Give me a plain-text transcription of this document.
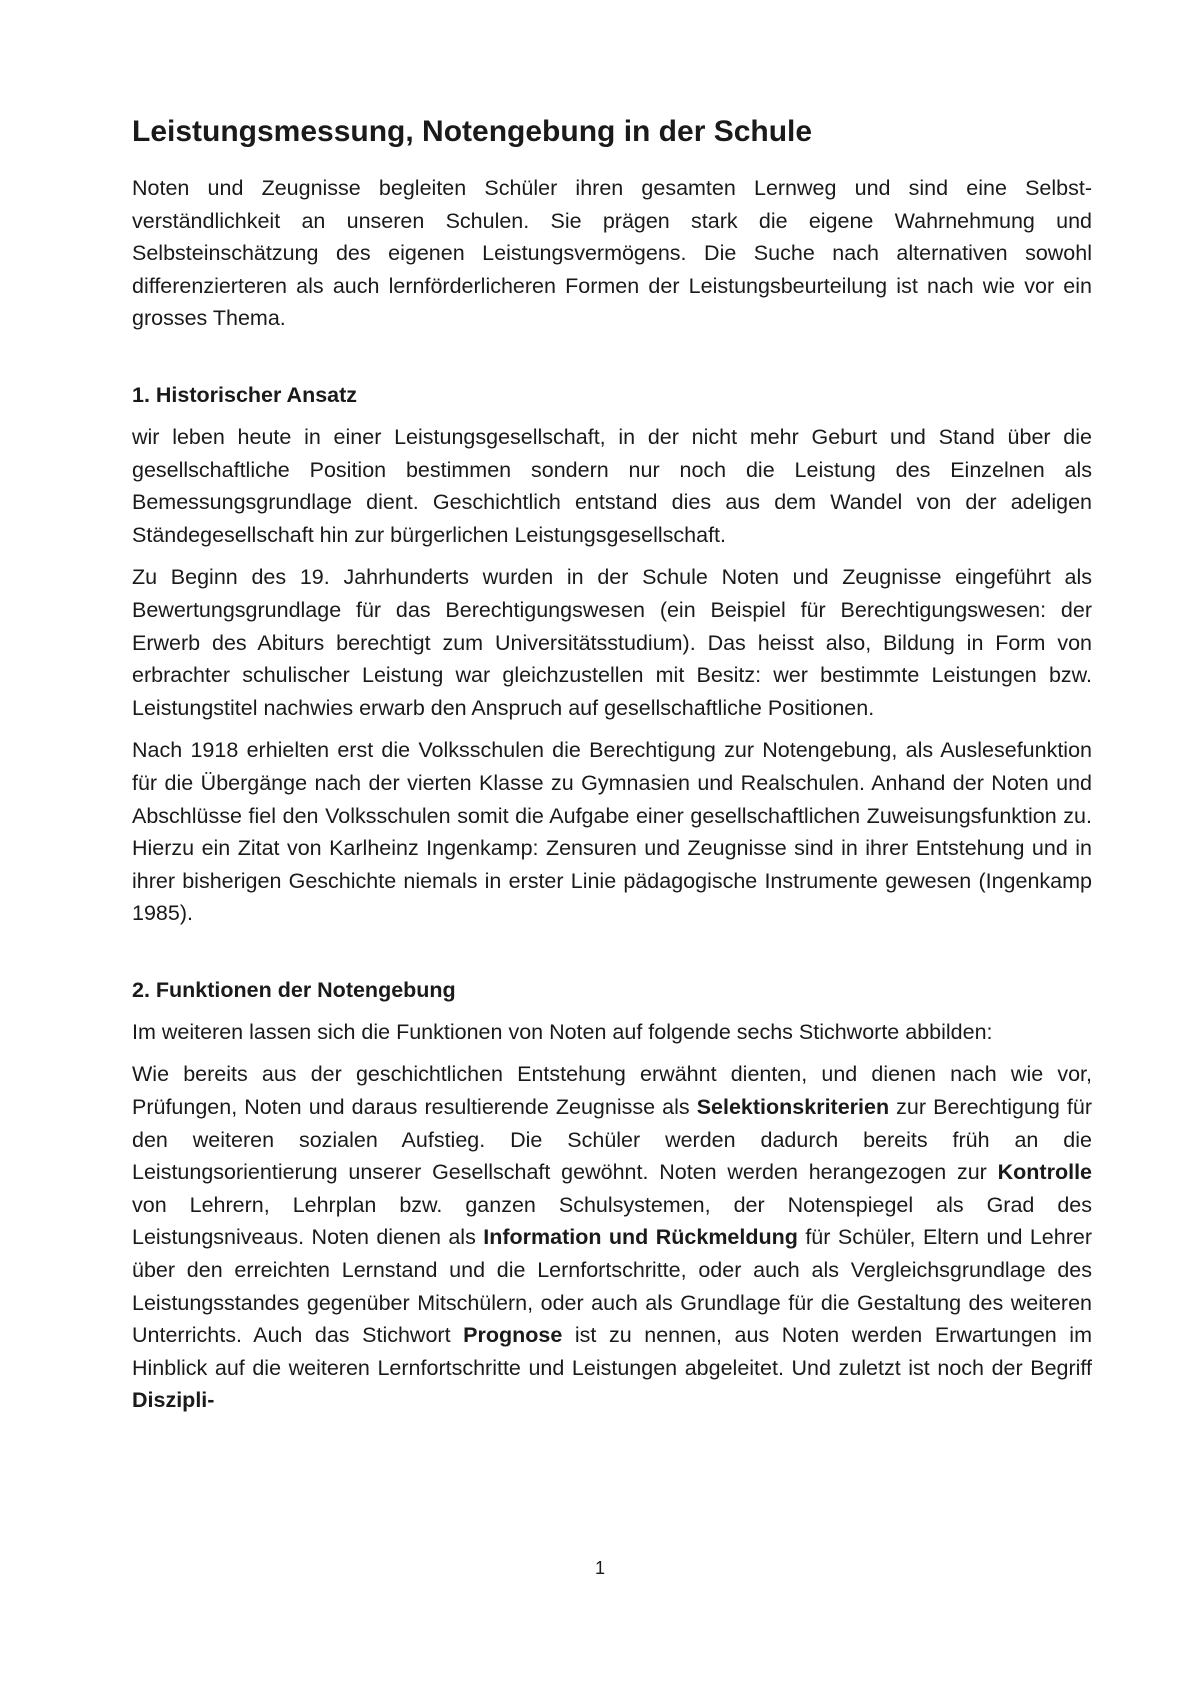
Leistungsmessung, Notengebung in der Schule

Noten und Zeugnisse begleiten Schüler ihren gesamten Lernweg und sind eine Selbstverständlichkeit an unseren Schulen. Sie prägen stark die eigene Wahrnehmung und Selbsteinschätzung des eigenen Leistungsvermögens. Die Suche nach alternativen sowohl differenzierteren als auch lernförderlicheren Formen der Leistungsbeurteilung ist nach wie vor ein grosses Thema.

1. Historischer Ansatz

wir leben heute in einer Leistungsgesellschaft, in der nicht mehr Geburt und Stand über die gesellschaftliche Position bestimmen sondern nur noch die Leistung des Einzelnen als Bemessungsgrundlage dient. Geschichtlich entstand dies aus dem Wandel von der adeligen Ständegesellschaft hin zur bürgerlichen Leistungsgesellschaft.

Zu Beginn des 19. Jahrhunderts wurden in der Schule Noten und Zeugnisse eingeführt als Bewertungsgrundlage für das Berechtigungswesen (ein Beispiel für Berechtigungswesen: der Erwerb des Abiturs berechtigt zum Universitätsstudium). Das heisst also, Bildung in Form von erbrachter schulischer Leistung war gleichzustellen mit Besitz: wer bestimmte Leistungen bzw. Leistungstitel nachwies erwarb den Anspruch auf gesellschaftliche Positionen.

Nach 1918 erhielten erst die Volksschulen die Berechtigung zur Notengebung, als Auslesefunktion für die Übergänge nach der vierten Klasse zu Gymnasien und Realschulen. Anhand der Noten und Abschlüsse fiel den Volksschulen somit die Aufgabe einer gesellschaftlichen Zuweisungsfunktion zu. Hierzu ein Zitat von Karlheinz Ingenkamp: Zensuren und Zeugnisse sind in ihrer Entstehung und in ihrer bisherigen Geschichte niemals in erster Linie pädagogische Instrumente gewesen (Ingenkamp 1985).

2. Funktionen der Notengebung

Im weiteren lassen sich die Funktionen von Noten auf folgende sechs Stichworte abbilden:

Wie bereits aus der geschichtlichen Entstehung erwähnt dienten, und dienen nach wie vor, Prüfungen, Noten und daraus resultierende Zeugnisse als Selektionskriterien zur Berechtigung für den weiteren sozialen Aufstieg. Die Schüler werden dadurch bereits früh an die Leistungsorientierung unserer Gesellschaft gewöhnt. Noten werden herangezogen zur Kontrolle von Lehrern, Lehrplan bzw. ganzen Schulsystemen, der Notenspiegel als Grad des Leistungsniveaus. Noten dienen als Information und Rückmeldung für Schüler, Eltern und Lehrer über den erreichten Lernstand und die Lernfortschritte, oder auch als Vergleichsgrundlage des Leistungsstandes gegenüber Mitschülern, oder auch als Grundlage für die Gestaltung des weiteren Unterrichts. Auch das Stichwort Prognose ist zu nennen, aus Noten werden Erwartungen im Hinblick auf die weiteren Lernfortschritte und Leistungen abgeleitet. Und zuletzt ist noch der Begriff Diszipli-

1
